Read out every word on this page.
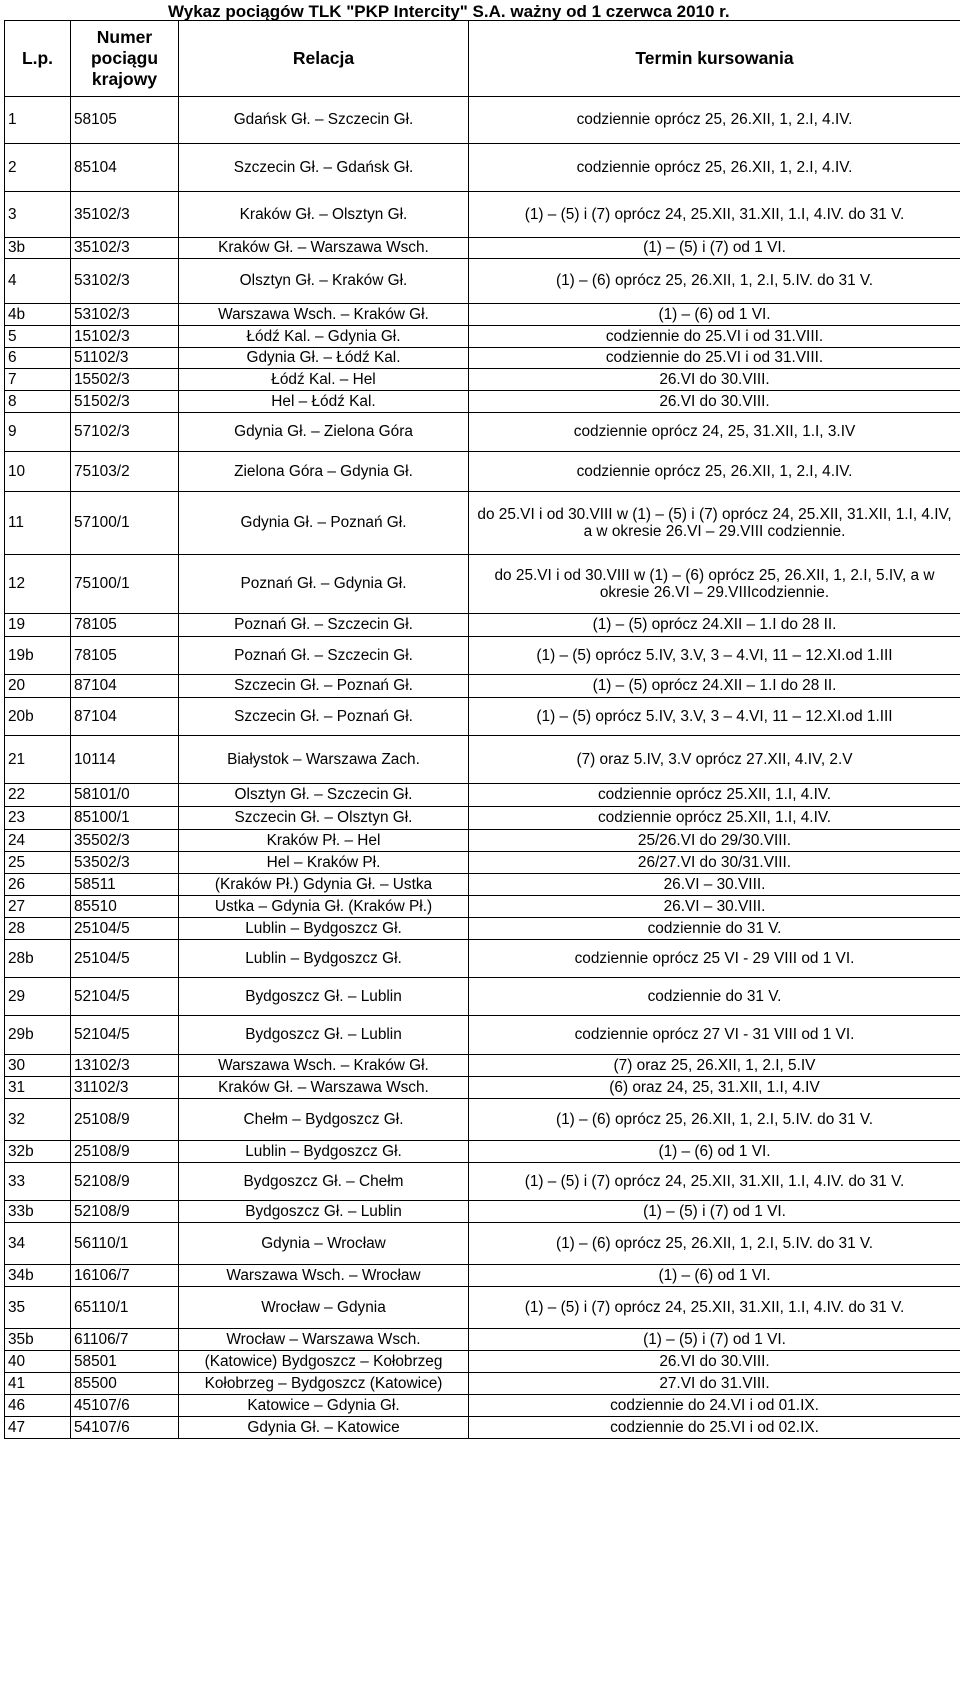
Wykaz pociągów TLK "PKP Intercity" S.A. ważny od 1 czerwca 2010 r.
L.p.	Numer
pociągu
krajowy	Relacja	Termin kursowania
1	58105	Gdańsk Gł. – Szczecin Gł.	codziennie oprócz 25, 26.XII, 1, 2.I, 4.IV.
2	85104	Szczecin Gł. – Gdańsk Gł.	codziennie oprócz 25, 26.XII, 1, 2.I, 4.IV.
3	35102/3	Kraków Gł. – Olsztyn Gł.	(1) – (5) i (7) oprócz 24, 25.XII, 31.XII, 1.I, 4.IV. do 31 V.
3b	35102/3	Kraków Gł. – Warszawa Wsch.	(1) – (5) i (7) od 1 VI.
4	53102/3	Olsztyn Gł. – Kraków Gł.	(1) – (6) oprócz 25, 26.XII, 1, 2.I, 5.IV. do 31 V.
4b	53102/3	Warszawa Wsch. – Kraków Gł.	(1) – (6) od 1 VI.
5	15102/3	Łódź Kal. – Gdynia Gł.	codziennie do 25.VI i od 31.VIII.
6	51102/3	Gdynia Gł. – Łódź Kal.	codziennie do 25.VI i od 31.VIII.
7	15502/3	Łódź Kal. – Hel	26.VI do 30.VIII.
8	51502/3	Hel – Łódź Kal.	26.VI do 30.VIII.
9	57102/3	Gdynia Gł. – Zielona Góra	codziennie oprócz 24, 25, 31.XII, 1.I, 3.IV
10	75103/2	Zielona Góra – Gdynia Gł.	codziennie oprócz 25, 26.XII, 1, 2.I, 4.IV.
11	57100/1	Gdynia Gł. – Poznań Gł.	do 25.VI i od 30.VIII w (1) – (5) i (7) oprócz 24, 25.XII, 31.XII, 1.I, 4.IV, a w okresie 26.VI – 29.VIII codziennie.
12	75100/1	Poznań Gł. – Gdynia Gł.	do 25.VI i od 30.VIII w (1) – (6) oprócz 25, 26.XII, 1, 2.I, 5.IV, a w okresie 26.VI – 29.VIIIcodziennie.
19	78105	Poznań Gł. – Szczecin Gł.	(1) – (5) oprócz 24.XII – 1.I do 28 II.
19b	78105	Poznań Gł. – Szczecin Gł.	(1) – (5) oprócz 5.IV, 3.V, 3 – 4.VI, 11 – 12.XI.od 1.III
20	87104	Szczecin Gł. – Poznań Gł.	(1) – (5) oprócz 24.XII – 1.I do 28 II.
20b	87104	Szczecin Gł. – Poznań Gł.	(1) – (5) oprócz 5.IV, 3.V, 3 – 4.VI, 11 – 12.XI.od 1.III
21	10114	Białystok – Warszawa Zach.	(7) oraz 5.IV, 3.V oprócz 27.XII, 4.IV, 2.V
22	58101/0	Olsztyn Gł. – Szczecin Gł.	codziennie oprócz 25.XII, 1.I, 4.IV.
23	85100/1	Szczecin Gł. – Olsztyn Gł.	codziennie oprócz 25.XII, 1.I, 4.IV.
24	35502/3	Kraków Pł. – Hel	25/26.VI do 29/30.VIII.
25	53502/3	Hel – Kraków Pł.	26/27.VI do 30/31.VIII.
26	58511	(Kraków Pł.) Gdynia Gł. – Ustka	26.VI – 30.VIII.
27	85510	Ustka – Gdynia Gł. (Kraków Pł.)	26.VI – 30.VIII.
28	25104/5	Lublin – Bydgoszcz Gł.	codziennie do 31 V.
28b	25104/5	Lublin – Bydgoszcz Gł.	codziennie oprócz 25 VI - 29 VIII od 1 VI.
29	52104/5	Bydgoszcz Gł. – Lublin	codziennie do 31 V.
29b	52104/5	Bydgoszcz Gł. – Lublin	codziennie oprócz 27 VI - 31 VIII od 1 VI.
30	13102/3	Warszawa Wsch. – Kraków Gł.	(7) oraz 25, 26.XII, 1, 2.I, 5.IV
31	31102/3	Kraków Gł. – Warszawa Wsch.	(6) oraz 24, 25, 31.XII, 1.I, 4.IV
32	25108/9	Chełm – Bydgoszcz Gł.	(1) – (6) oprócz 25, 26.XII, 1, 2.I, 5.IV. do 31 V.
32b	25108/9	Lublin – Bydgoszcz Gł.	(1) – (6) od 1 VI.
33	52108/9	Bydgoszcz Gł. – Chełm	(1) – (5) i (7) oprócz 24, 25.XII, 31.XII, 1.I, 4.IV. do 31 V.
33b	52108/9	Bydgoszcz Gł. – Lublin	(1) – (5) i (7) od 1 VI.
34	56110/1	Gdynia – Wrocław	(1) – (6) oprócz 25, 26.XII, 1, 2.I, 5.IV. do 31 V.
34b	16106/7	Warszawa Wsch. – Wrocław	(1) – (6) od 1 VI.
35	65110/1	Wrocław – Gdynia	(1) – (5) i (7) oprócz 24, 25.XII, 31.XII, 1.I, 4.IV. do 31 V.
35b	61106/7	Wrocław – Warszawa Wsch.	(1) – (5) i (7) od 1 VI.
40	58501	(Katowice) Bydgoszcz – Kołobrzeg	26.VI do 30.VIII.
41	85500	Kołobrzeg – Bydgoszcz (Katowice)	27.VI do 31.VIII.
46	45107/6	Katowice – Gdynia Gł.	codziennie do 24.VI i od 01.IX.
47	54107/6	Gdynia Gł. – Katowice	codziennie do 25.VI i od 02.IX.
